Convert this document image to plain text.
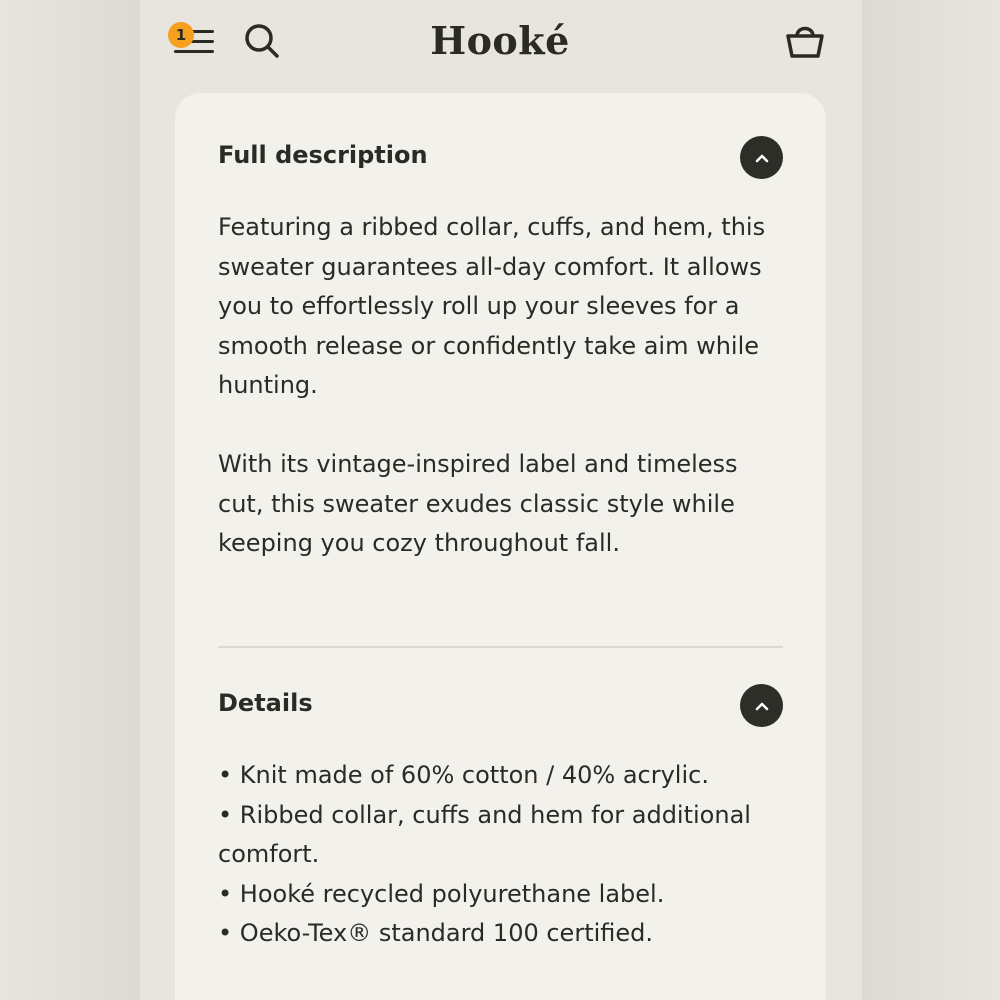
1	Hooké
Full description

Featuring a ribbed collar, cuffs, and hem, this sweater guarantees all-day comfort. It allows you to effortlessly roll up your sleeves for a smooth release or confidently take aim while hunting.

With its vintage-inspired label and timeless cut, this sweater exudes classic style while keeping you cozy throughout fall.

Details
• Knit made of 60% cotton / 40% acrylic.
• Ribbed collar, cuffs and hem for additional comfort.
• Hooké recycled polyurethane label.
• Oeko-Tex® standard 100 certified.
